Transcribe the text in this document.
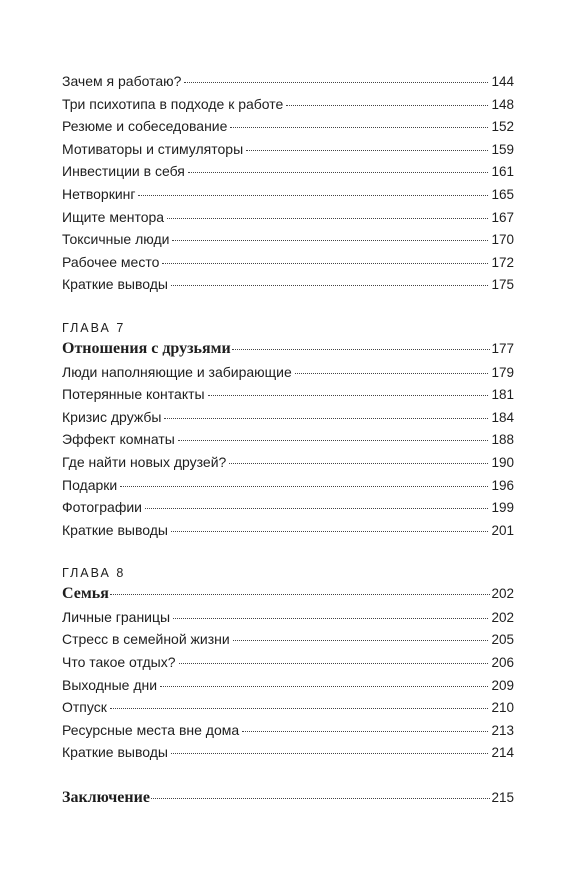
Зачем я работаю?	144
Три психотипа в подходе к работе	148
Резюме и собеседование	152
Мотиваторы и стимуляторы	159
Инвестиции в себя	161
Нетворкинг	165
Ищите ментора	167
Токсичные люди	170
Рабочее место	172
Краткие выводы	175
ГЛАВА 7
Отношения с друзьями	177
Люди наполняющие и забирающие	179
Потерянные контакты	181
Кризис дружбы	184
Эффект комнаты	188
Где найти новых друзей?	190
Подарки	196
Фотографии	199
Краткие выводы	201
ГЛАВА 8
Семья	202
Личные границы	202
Стресс в семейной жизни	205
Что такое отдых?	206
Выходные дни	209
Отпуск	210
Ресурсные места вне дома	213
Краткие выводы	214
Заключение	215
